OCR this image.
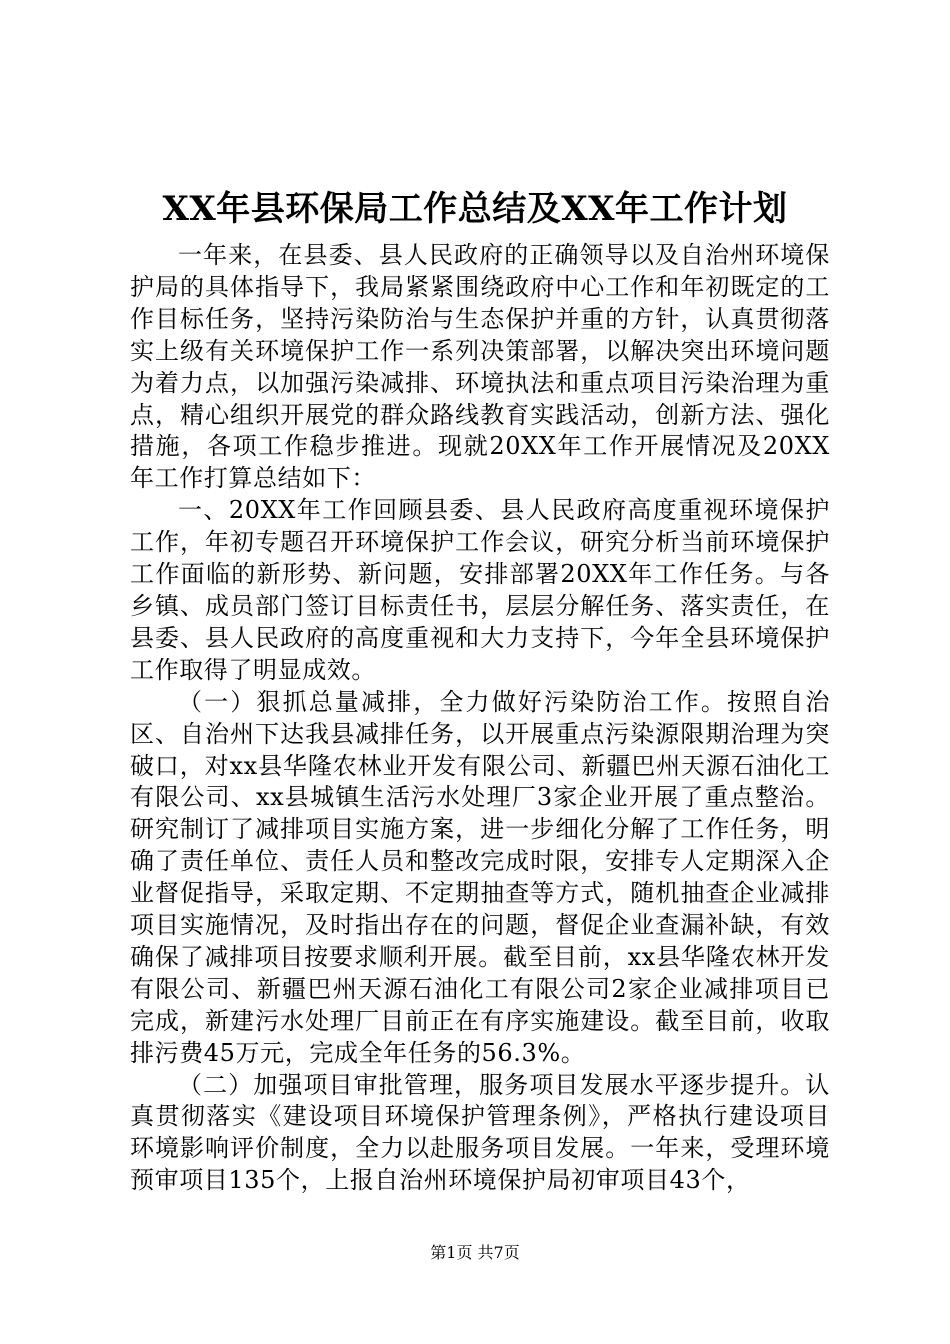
XX年县环保局工作总结及XX年工作计划

一年来，在县委、县人民政府的正确领导以及自治州环境保护局的具体指导下，我局紧紧围绕政府中心工作和年初既定的工作目标任务，坚持污染防治与生态保护并重的方针，认真贯彻落实上级有关环境保护工作一系列决策部署，以解决突出环境问题为着力点，以加强污染减排、环境执法和重点项目污染治理为重点，精心组织开展党的群众路线教育实践活动，创新方法、强化措施，各项工作稳步推进。现就20XX年工作开展情况及20XX年工作打算总结如下：

一、20XX年工作回顾县委、县人民政府高度重视环境保护工作，年初专题召开环境保护工作会议，研究分析当前环境保护工作面临的新形势、新问题，安排部署20XX年工作任务。与各乡镇、成员部门签订目标责任书，层层分解任务、落实责任，在县委、县人民政府的高度重视和大力支持下，今年全县环境保护工作取得了明显成效。

（一）狠抓总量减排，全力做好污染防治工作。按照自治区、自治州下达我县减排任务，以开展重点污染源限期治理为突破口，对xx县华隆农林业开发有限公司、新疆巴州天源石油化工有限公司、xx县城镇生活污水处理厂3家企业开展了重点整治。研究制订了减排项目实施方案，进一步细化分解了工作任务，明确了责任单位、责任人员和整改完成时限，安排专人定期深入企业督促指导，采取定期、不定期抽查等方式，随机抽查企业减排项目实施情况，及时指出存在的问题，督促企业查漏补缺，有效确保了减排项目按要求顺利开展。截至目前，xx县华隆农林开发有限公司、新疆巴州天源石油化工有限公司2家企业减排项目已完成，新建污水处理厂目前正在有序实施建设。截至目前，收取排污费45万元，完成全年任务的56.3%。

（二）加强项目审批管理，服务项目发展水平逐步提升。认真贯彻落实《建设项目环境保护管理条例》，严格执行建设项目环境影响评价制度，全力以赴服务项目发展。一年来，受理环境预审项目135个，上报自治州环境保护局初审项目43个，

第1页 共7页
